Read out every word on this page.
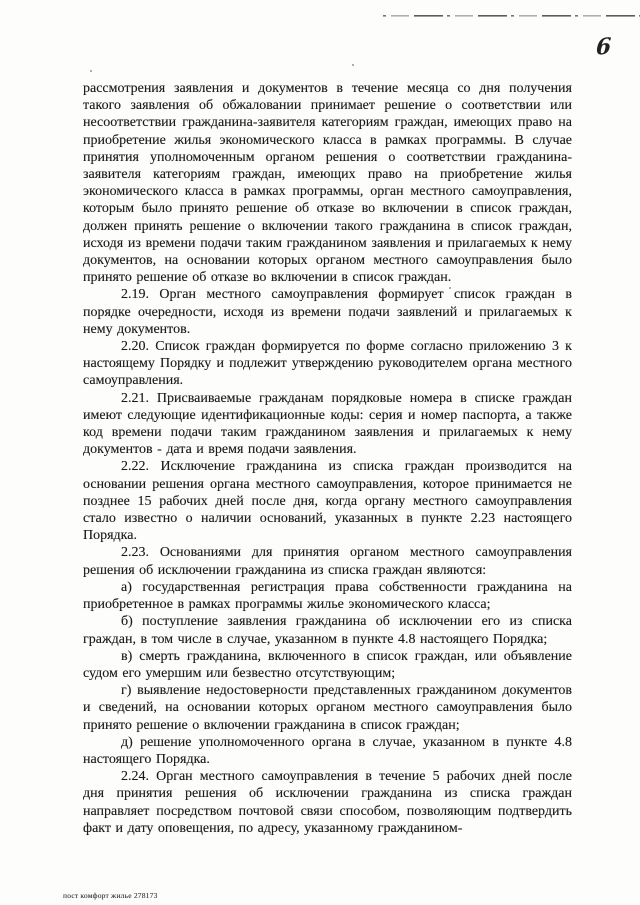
6

рассмотрения заявления и документов в течение месяца со дня получения такого заявления об обжаловании принимает решение о соответствии или несоответствии гражданина-заявителя категориям граждан, имеющих право на приобретение жилья экономического класса в рамках программы. В случае принятия уполномоченным органом решения о соответствии гражданина-заявителя категориям граждан, имеющих право на приобретение жилья экономического класса в рамках программы, орган местного самоуправления, которым было принято решение об отказе во включении в список граждан, должен принять решение о включении такого гражданина в список граждан, исходя из времени подачи таким гражданином заявления и прилагаемых к нему документов, на основании которых органом местного самоуправления было принято решение об отказе во включении в список граждан.

2.19. Орган местного самоуправления формирует список граждан в порядке очередности, исходя из времени подачи заявлений и прилагаемых к нему документов.

2.20. Список граждан формируется по форме согласно приложению 3 к настоящему Порядку и подлежит утверждению руководителем органа местного самоуправления.

2.21. Присваиваемые гражданам порядковые номера в списке граждан имеют следующие идентификационные коды: серия и номер паспорта, а также код времени подачи таким гражданином заявления и прилагаемых к нему документов - дата и время подачи заявления.

2.22. Исключение гражданина из списка граждан производится на основании решения органа местного самоуправления, которое принимается не позднее 15 рабочих дней после дня, когда органу местного самоуправления стало известно о наличии оснований, указанных в пункте 2.23 настоящего Порядка.

2.23. Основаниями для принятия органом местного самоуправления решения об исключении гражданина из списка граждан являются:

а) государственная регистрация права собственности гражданина на приобретенное в рамках программы жилье экономического класса;

б) поступление заявления гражданина об исключении его из списка граждан, в том числе в случае, указанном в пункте 4.8 настоящего Порядка;

в) смерть гражданина, включенного в список граждан, или объявление судом его умершим или безвестно отсутствующим;

г) выявление недостоверности представленных гражданином документов и сведений, на основании которых органом местного самоуправления было принято решение о включении гражданина в список граждан;

д) решение уполномоченного органа в случае, указанном в пункте 4.8 настоящего Порядка.

2.24. Орган местного самоуправления в течение 5 рабочих дней после дня принятия решения об исключении гражданина из списка граждан направляет посредством почтовой связи способом, позволяющим подтвердить факт и дату оповещения, по адресу, указанному гражданином-

пост комфорт жилье 278173
